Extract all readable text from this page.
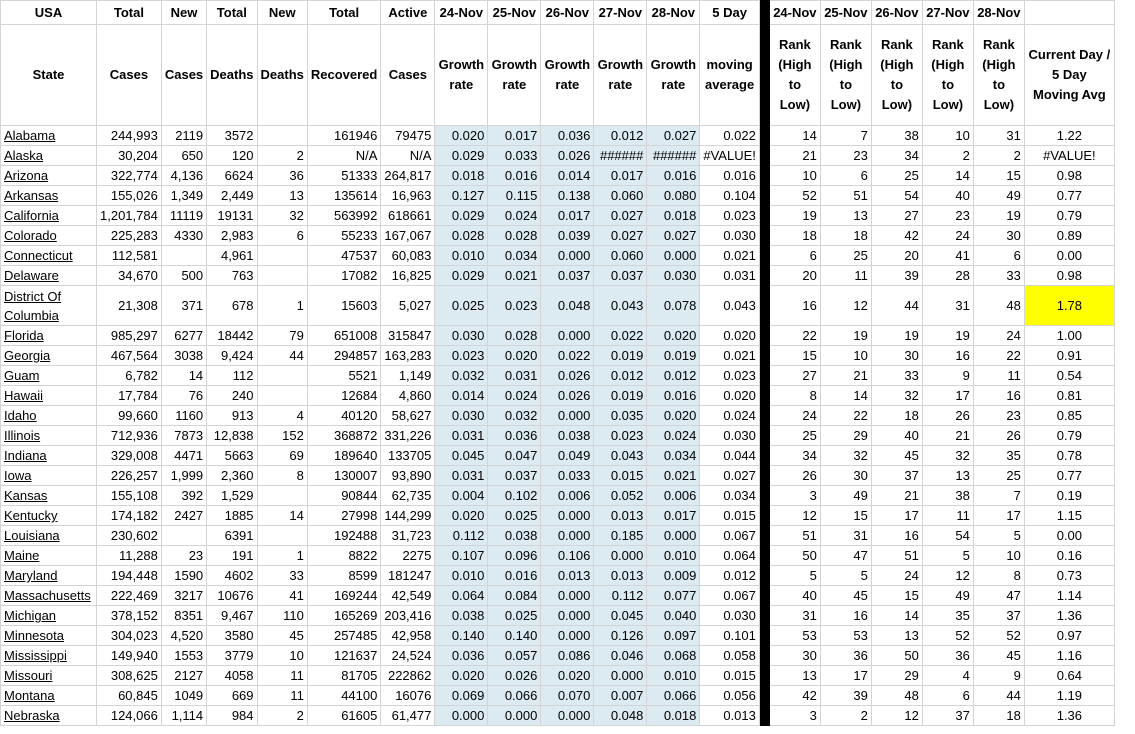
USA	Total	New	Total	New	Total	Active	24-Nov	25-Nov	26-Nov	27-Nov	28-Nov	5 Day		24-Nov	25-Nov	26-Nov	27-Nov	28-Nov	
State	Cases	Cases	Deaths	Deaths	Recovered	Cases	Growth rate	Growth rate	Growth rate	Growth rate	Growth rate	moving average		Rank (High to Low)	Rank (High to Low)	Rank (High to Low)	Rank (High to Low)	Rank (High to Low)	Current Day / 5 Day Moving Avg
Alabama	244,993	2119	3572		161946	79475	0.020	0.017	0.036	0.012	0.027	0.022		14	7	38	10	31	1.22
Alaska	30,204	650	120	2	N/A	N/A	0.029	0.033	0.026	######	######	#VALUE!		21	23	34	2	2	#VALUE!
Arizona	322,774	4,136	6624	36	51333	264,817	0.018	0.016	0.014	0.017	0.016	0.016		10	6	25	14	15	0.98
Arkansas	155,026	1,349	2,449	13	135614	16,963	0.127	0.115	0.138	0.060	0.080	0.104		52	51	54	40	49	0.77
California	1,201,784	11119	19131	32	563992	618661	0.029	0.024	0.017	0.027	0.018	0.023		19	13	27	23	19	0.79
Colorado	225,283	4330	2,983	6	55233	167,067	0.028	0.028	0.039	0.027	0.027	0.030		18	18	42	24	30	0.89
Connecticut	112,581		4,961		47537	60,083	0.010	0.034	0.000	0.060	0.000	0.021		6	25	20	41	6	0.00
Delaware	34,670	500	763		17082	16,825	0.029	0.021	0.037	0.037	0.030	0.031		20	11	39	28	33	0.98
District Of Columbia	21,308	371	678	1	15603	5,027	0.025	0.023	0.048	0.043	0.078	0.043		16	12	44	31	48	1.78
Florida	985,297	6277	18442	79	651008	315847	0.030	0.028	0.000	0.022	0.020	0.020		22	19	19	19	24	1.00
Georgia	467,564	3038	9,424	44	294857	163,283	0.023	0.020	0.022	0.019	0.019	0.021		15	10	30	16	22	0.91
Guam	6,782	14	112		5521	1,149	0.032	0.031	0.026	0.012	0.012	0.023		27	21	33	9	11	0.54
Hawaii	17,784	76	240		12684	4,860	0.014	0.024	0.026	0.019	0.016	0.020		8	14	32	17	16	0.81
Idaho	99,660	1160	913	4	40120	58,627	0.030	0.032	0.000	0.035	0.020	0.024		24	22	18	26	23	0.85
Illinois	712,936	7873	12,838	152	368872	331,226	0.031	0.036	0.038	0.023	0.024	0.030		25	29	40	21	26	0.79
Indiana	329,008	4471	5663	69	189640	133705	0.045	0.047	0.049	0.043	0.034	0.044		34	32	45	32	35	0.78
Iowa	226,257	1,999	2,360	8	130007	93,890	0.031	0.037	0.033	0.015	0.021	0.027		26	30	37	13	25	0.77
Kansas	155,108	392	1,529		90844	62,735	0.004	0.102	0.006	0.052	0.006	0.034		3	49	21	38	7	0.19
Kentucky	174,182	2427	1885	14	27998	144,299	0.020	0.025	0.000	0.013	0.017	0.015		12	15	17	11	17	1.15
Louisiana	230,602		6391		192488	31,723	0.112	0.038	0.000	0.185	0.000	0.067		51	31	16	54	5	0.00
Maine	11,288	23	191	1	8822	2275	0.107	0.096	0.106	0.000	0.010	0.064		50	47	51	5	10	0.16
Maryland	194,448	1590	4602	33	8599	181247	0.010	0.016	0.013	0.013	0.009	0.012		5	5	24	12	8	0.73
Massachusetts	222,469	3217	10676	41	169244	42,549	0.064	0.084	0.000	0.112	0.077	0.067		40	45	15	49	47	1.14
Michigan	378,152	8351	9,467	110	165269	203,416	0.038	0.025	0.000	0.045	0.040	0.030		31	16	14	35	37	1.36
Minnesota	304,023	4,520	3580	45	257485	42,958	0.140	0.140	0.000	0.126	0.097	0.101		53	53	13	52	52	0.97
Mississippi	149,940	1553	3779	10	121637	24,524	0.036	0.057	0.086	0.046	0.068	0.058		30	36	50	36	45	1.16
Missouri	308,625	2127	4058	11	81705	222862	0.020	0.026	0.020	0.000	0.010	0.015		13	17	29	4	9	0.64
Montana	60,845	1049	669	11	44100	16076	0.069	0.066	0.070	0.007	0.066	0.056		42	39	48	6	44	1.19
Nebraska	124,066	1,114	984	2	61605	61,477	0.000	0.000	0.000	0.048	0.018	0.013		3	2	12	37	18	1.36
